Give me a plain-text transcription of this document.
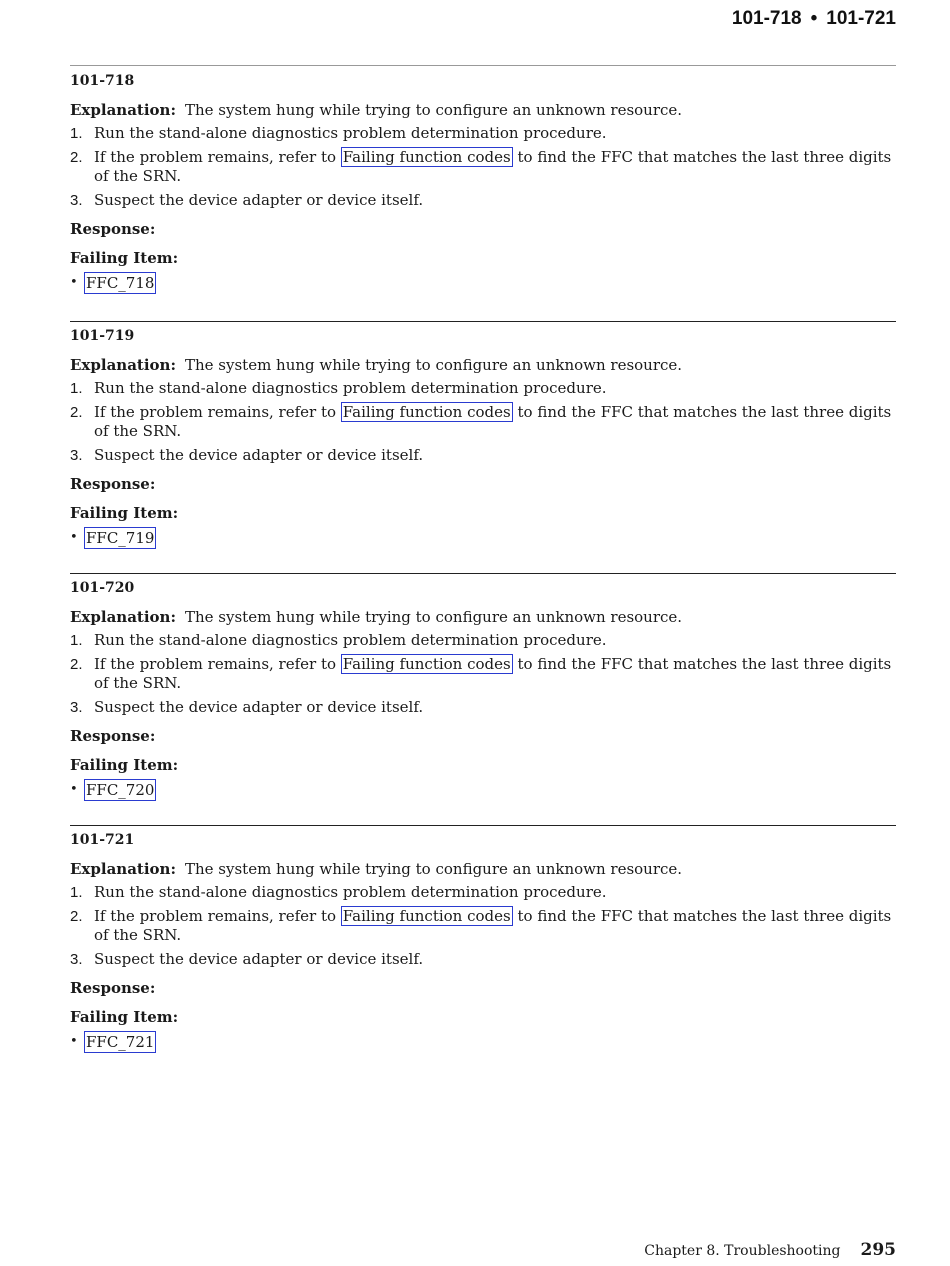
101-718 • 101-721
101-718
Explanation: The system hung while trying to configure an unknown resource.
1. Run the stand-alone diagnostics problem determination procedure.
2. If the problem remains, refer to Failing function codes to find the FFC that matches the last three digits of the SRN.
3. Suspect the device adapter or device itself.
Response:
Failing Item:
• FFC_718
101-719
Explanation: The system hung while trying to configure an unknown resource.
1. Run the stand-alone diagnostics problem determination procedure.
2. If the problem remains, refer to Failing function codes to find the FFC that matches the last three digits of the SRN.
3. Suspect the device adapter or device itself.
Response:
Failing Item:
• FFC_719
101-720
Explanation: The system hung while trying to configure an unknown resource.
1. Run the stand-alone diagnostics problem determination procedure.
2. If the problem remains, refer to Failing function codes to find the FFC that matches the last three digits of the SRN.
3. Suspect the device adapter or device itself.
Response:
Failing Item:
• FFC_720
101-721
Explanation: The system hung while trying to configure an unknown resource.
1. Run the stand-alone diagnostics problem determination procedure.
2. If the problem remains, refer to Failing function codes to find the FFC that matches the last three digits of the SRN.
3. Suspect the device adapter or device itself.
Response:
Failing Item:
• FFC_721
Chapter 8. Troubleshooting 295
